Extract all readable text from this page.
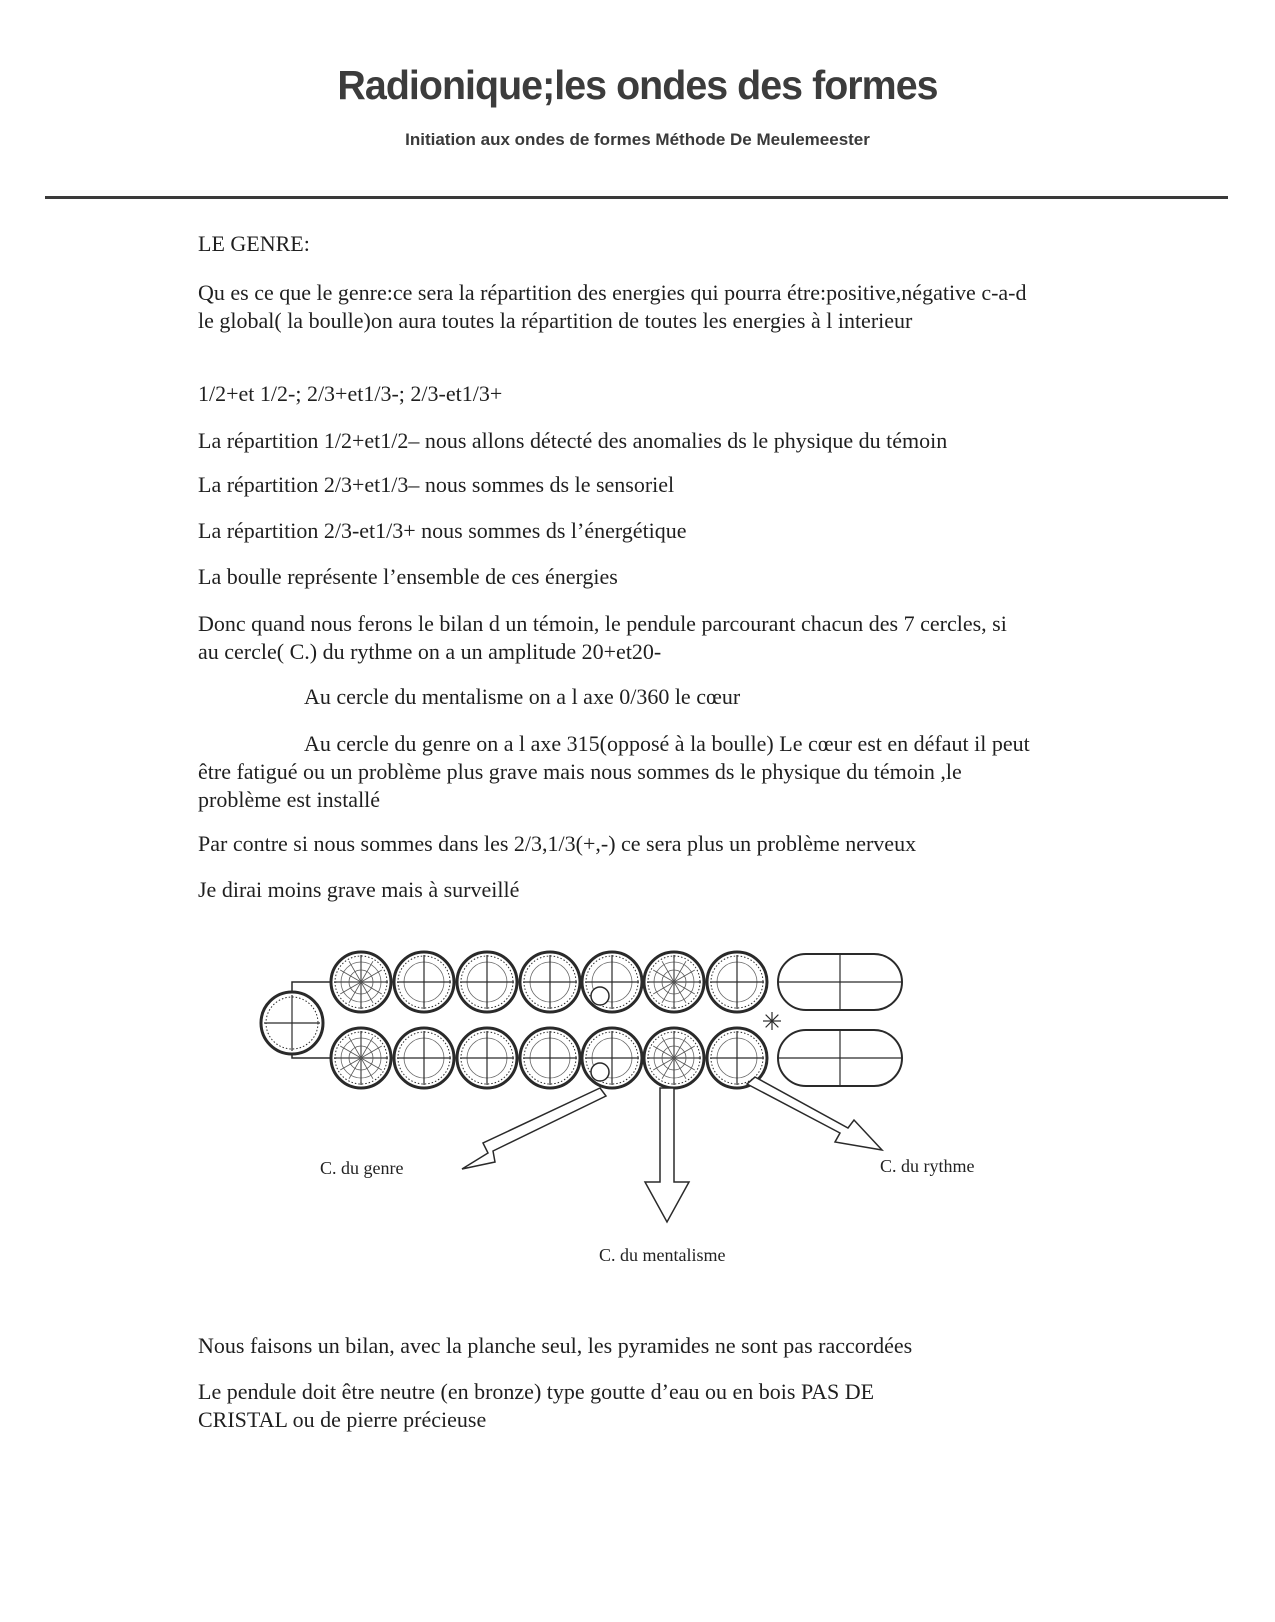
Radionique;les ondes des formes
Initiation aux ondes de formes Méthode De Meulemeester

LE GENRE:

Qu es ce que le genre:ce sera la répartition des energies qui pourra étre:positive,négative c-a-d le global( la boulle)on aura toutes la répartition de toutes les energies à l interieur

1/2+et 1/2-; 2/3+et1/3-; 2/3-et1/3+

La répartition 1/2+et1/2– nous allons détecté des anomalies ds le physique du témoin

La répartition 2/3+et1/3– nous sommes ds le sensoriel

La répartition 2/3-et1/3+ nous sommes ds l’énergétique

La boulle représente l’ensemble de ces énergies

Donc quand nous ferons le bilan d un témoin, le pendule parcourant chacun des 7 cercles, si au cercle( C.) du rythme on a un amplitude 20+et20-

Au cercle du mentalisme on a l axe 0/360 le cœur

Au cercle du genre on a l axe 315(opposé à la boulle) Le cœur est en défaut il peut être fatigué ou un problème plus grave mais nous sommes ds le physique du témoin ,le problème est installé

Par contre si nous sommes dans les 2/3,1/3(+,-) ce sera plus un problème nerveux

Je dirai moins grave mais à surveillé

C. du genre	C. du rythme
C. du mentalisme

Nous faisons un bilan, avec la planche seul, les pyramides ne sont pas raccordées

Le pendule doit être neutre (en bronze) type goutte d’eau ou en bois PAS DE CRISTAL ou de pierre précieuse
